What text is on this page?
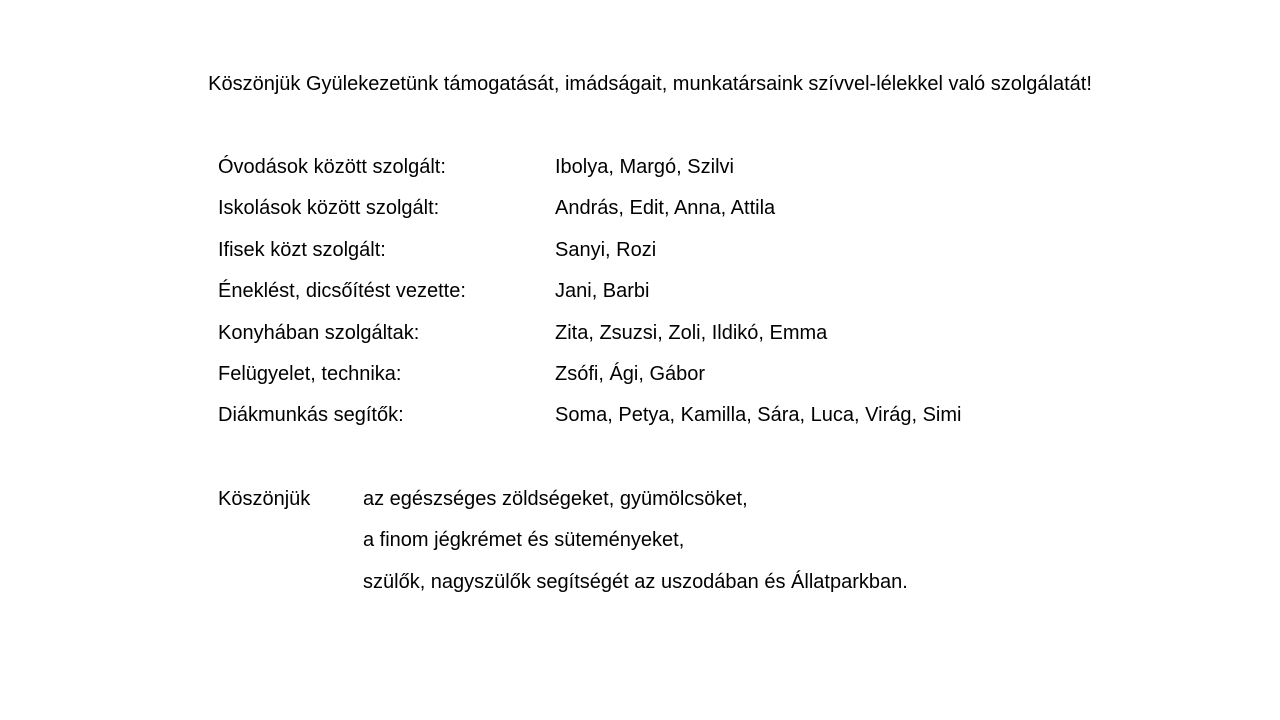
Köszönjük Gyülekezetünk támogatását, imádságait, munkatársaink szívvel-lélekkel való szolgálatát!
Óvodások között szolgált:	Ibolya, Margó, Szilvi
Iskolások között szolgált:	András, Edit, Anna, Attila
Ifisek közt szolgált:	Sanyi, Rozi
Éneklést, dicsőítést vezette:	Jani, Barbi
Konyhában szolgáltak:	Zita, Zsuzsi, Zoli, Ildikó, Emma
Felügyelet, technika:	Zsófi, Ági, Gábor
Diákmunkás segítők:	Soma, Petya, Kamilla, Sára, Luca, Virág, Simi
Köszönjük	az egészséges zöldségeket, gyümölcsöket,
a finom jégkrémet és süteményeket,
szülők, nagyszülők segítségét az uszodában és Állatparkban.
